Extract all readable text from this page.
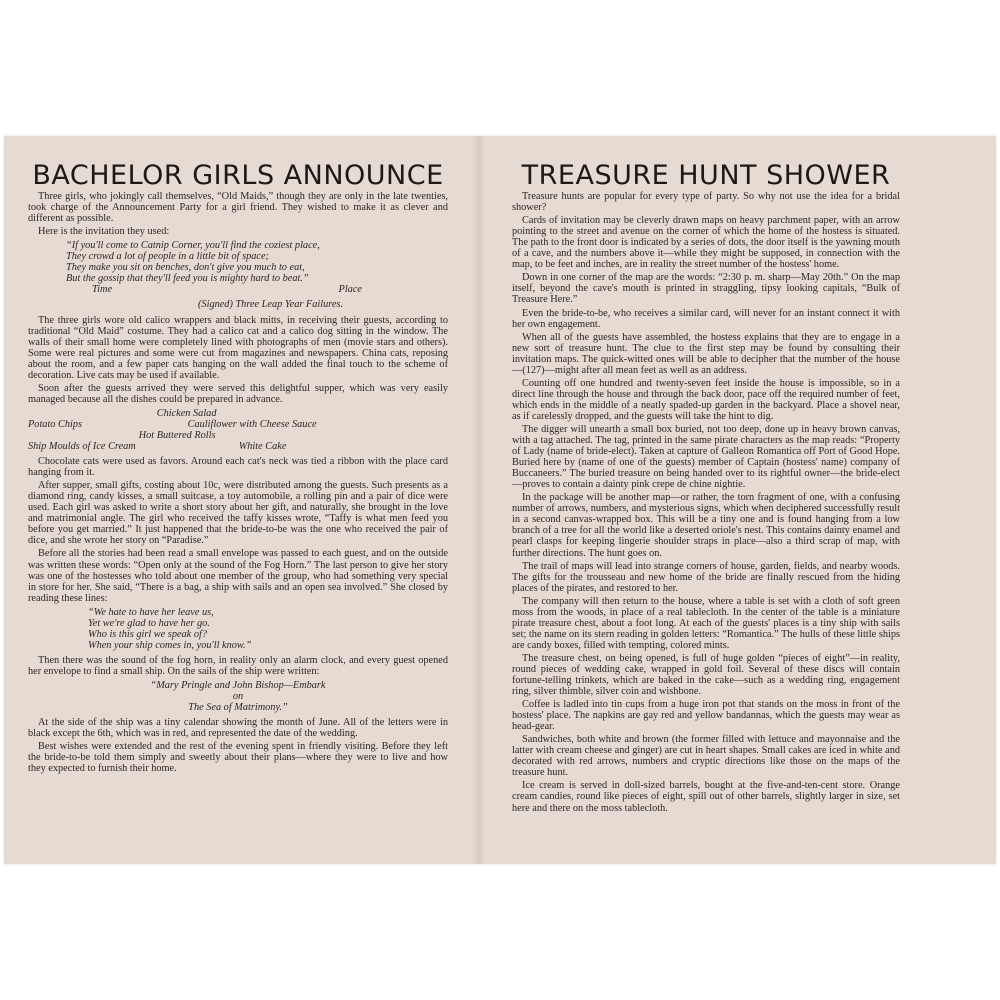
BACHELOR GIRLS ANNOUNCE

Three girls, who jokingly call themselves, “Old Maids,” though they are only in the late twenties, took charge of the Announcement Party for a girl friend. They wished to make it as clever and different as possible.

Here is the invitation they used:

“If you'll come to Catnip Corner, you'll find the coziest place,
They crowd a lot of people in a little bit of space;
They make you sit on benches, don't give you much to eat,
But the gossip that they'll feed you is mighty hard to beat.”
Time	Place
(Signed) Three Leap Year Failures.

The three girls wore old calico wrappers and black mitts, in receiving their guests, according to traditional “Old Maid” costume. They had a calico cat and a calico dog sitting in the window. The walls of their small home were completely lined with photographs of men (movie stars and others). Some were real pictures and some were cut from magazines and newspapers. China cats, reposing about the room, and a few paper cats hanging on the wall added the final touch to the scheme of decoration. Live cats may be used if available.

Soon after the guests arrived they were served this delightful supper, which was very easily managed because all the dishes could be prepared in advance.

Chicken Salad
Potato Chips                                         Cauliflower with Cheese Sauce
Hot Buttered Rolls
Ship Moulds of Ice Cream                                        White Cake

Chocolate cats were used as favors. Around each cat's neck was tied a ribbon with the place card hanging from it.

After supper, small gifts, costing about 10c, were distributed among the guests. Such presents as a diamond ring, candy kisses, a small suitcase, a toy automobile, a rolling pin and a pair of dice were used. Each girl was asked to write a short story about her gift, and naturally, she brought in the love and matrimonial angle. The girl who received the taffy kisses wrote, “Taffy is what men feed you before you get married.” It just happened that the bride-to-be was the one who received the pair of dice, and she wrote her story on “Paradise.”

Before all the stories had been read a small envelope was passed to each guest, and on the outside was written these words: “Open only at the sound of the Fog Horn.” The last person to give her story was one of the hostesses who told about one member of the group, who had something very special in store for her. She said, “There is a bag, a ship with sails and an open sea involved.” She closed by reading these lines:

“We hate to have her leave us,
Yet we're glad to have her go.
Who is this girl we speak of?
When your ship comes in, you'll know.”

Then there was the sound of the fog horn, in reality only an alarm clock, and every guest opened her envelope to find a small ship. On the sails of the ship were written:

“Mary Pringle and John Bishop—Embark
on
The Sea of Matrimony.”

At the side of the ship was a tiny calendar showing the month of June. All of the letters were in black except the 6th, which was in red, and represented the date of the wedding.

Best wishes were extended and the rest of the evening spent in friendly visiting. Before they left the bride-to-be told them simply and sweetly about their plans—where they were to live and how they expected to furnish their home.

TREASURE HUNT SHOWER

Treasure hunts are popular for every type of party. So why not use the idea for a bridal shower?

Cards of invitation may be cleverly drawn maps on heavy parchment paper, with an arrow pointing to the street and avenue on the corner of which the home of the hostess is situated. The path to the front door is indicated by a series of dots, the door itself is the yawning mouth of a cave, and the numbers above it—while they might be supposed, in connection with the map, to be feet and inches, are in reality the street number of the hostess' home.

Down in one corner of the map are the words: “2:30 p. m. sharp—May 20th.” On the map itself, beyond the cave's mouth is printed in straggling, tipsy looking capitals, “Bulk of Treasure Here.”

Even the bride-to-be, who receives a similar card, will never for an instant connect it with her own engagement.

When all of the guests have assembled, the hostess explains that they are to engage in a new sort of treasure hunt. The clue to the first step may be found by consulting their invitation maps. The quick-witted ones will be able to decipher that the number of the house—(127)—might after all mean feet as well as an address.

Counting off one hundred and twenty-seven feet inside the house is impossible, so in a direct line through the house and through the back door, pace off the required number of feet, which ends in the middle of a neatly spaded-up garden in the backyard. Place a shovel near, as if carelessly dropped, and the guests will take the hint to dig.

The digger will unearth a small box buried, not too deep, done up in heavy brown canvas, with a tag attached. The tag, printed in the same pirate characters as the map reads: “Property of Lady (name of bride-elect). Taken at capture of Galleon Romantica off Port of Good Hope. Buried here by (name of one of the guests) member of Captain (hostess' name) company of Buccaneers.” The buried treasure on being handed over to its rightful owner—the bride-elect—proves to contain a dainty pink crepe de chine nightie.

In the package will be another map—or rather, the torn fragment of one, with a confusing number of arrows, numbers, and mysterious signs, which when deciphered successfully result in a second canvas-wrapped box. This will be a tiny one and is found hanging from a low branch of a tree for all the world like a deserted oriole's nest. This contains dainty enamel and pearl clasps for keeping lingerie shoulder straps in place—also a third scrap of map, with further directions. The hunt goes on.

The trail of maps will lead into strange corners of house, garden, fields, and nearby woods. The gifts for the trousseau and new home of the bride are finally rescued from the hiding places of the pirates, and restored to her.

The company will then return to the house, where a table is set with a cloth of soft green moss from the woods, in place of a real tablecloth. In the center of the table is a miniature pirate treasure chest, about a foot long. At each of the guests' places is a tiny ship with sails set; the name on its stern reading in golden letters: “Romantica.” The hulls of these little ships are candy boxes, filled with tempting, colored mints.

The treasure chest, on being opened, is full of huge golden “pieces of eight”—in reality, round pieces of wedding cake, wrapped in gold foil. Several of these discs will contain fortune-telling trinkets, which are baked in the cake—such as a wedding ring, engagement ring, silver thimble, silver coin and wishbone.

Coffee is ladled into tin cups from a huge iron pot that stands on the moss in front of the hostess' place. The napkins are gay red and yellow bandannas, which the guests may wear as head-gear.

Sandwiches, both white and brown (the former filled with lettuce and mayonnaise and the latter with cream cheese and ginger) are cut in heart shapes. Small cakes are iced in white and decorated with red arrows, numbers and cryptic directions like those on the maps of the treasure hunt.

Ice cream is served in doll-sized barrels, bought at the five-and-ten-cent store. Orange cream candies, round like pieces of eight, spill out of other barrels, slightly larger in size, set here and there on the moss tablecloth.
